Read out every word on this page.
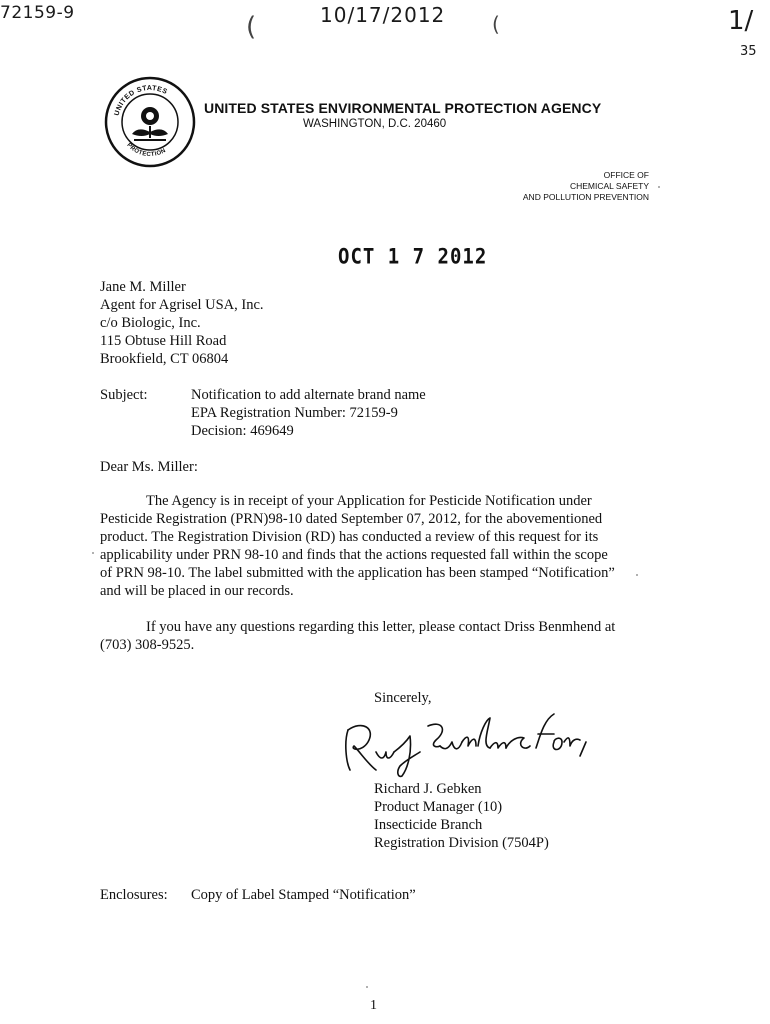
72159-9	(	10/17/2012 (	1/
35
UNITED STATES
PROTECTION
UNITED STATES ENVIRONMENTAL PROTECTION AGENCY
WASHINGTON, D.C. 20460
OFFICE OF
CHEMICAL SAFETY
AND POLLUTION PREVENTION
OCT 1 7 2012
Jane M. Miller
Agent for Agrisel USA, Inc.
c/o Biologic, Inc.
115 Obtuse Hill Road
Brookfield, CT 06804
Subject:	Notification to add alternate brand name
EPA Registration Number: 72159-9
Decision: 469649
Dear Ms. Miller:
The Agency is in receipt of your Application for Pesticide Notification under
Pesticide Registration (PRN)98-10 dated September 07, 2012, for the abovementioned
product. The Registration Division (RD) has conducted a review of this request for its
applicability under PRN 98-10 and finds that the actions requested fall within the scope
of PRN 98-10. The label submitted with the application has been stamped “Notification”
and will be placed in our records.
If you have any questions regarding this letter, please contact Driss Benmhend at
(703) 308-9525.
Sincerely,
Richard J. Gebken
Product Manager (10)
Insecticide Branch
Registration Division (7504P)
Enclosures: Copy of Label Stamped “Notification”
1
